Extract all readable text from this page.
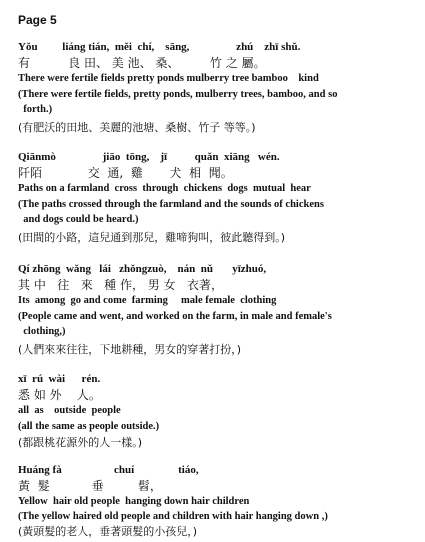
Page 5
Yǒu         liáng tián,  měi  chí,    sāng,                 zhú    zhī shǔ.
有          良 田、 美 池、 桑、        竹 之 屬。
There were fertile fields pretty ponds mulberry tree bamboo    kind
(There were fertile fields, pretty ponds, mulberry trees, bamboo, and so
forth.)
(有肥沃的田地、美麗的池塘、桑樹、竹子 等等。)
Qiānmò                 jiāo  tōng,    jī          quǎn  xiāng   wén.
阡陌            交  通,  雞       犬  相  聞。
Paths on a farmland  cross  through  chickens  dogs  mutual  hear
(The paths crossed through the farmland and the sounds of chickens
and dogs could be heard.)
(田間的小路，這兒通到那兒，雞啼狗叫，彼此聽得到。)
Qí zhōng  wǎng   lái   zhǒngzuò,    nán  nǔ       yīzhuó,
其 中   往   來   種 作， 男 女   衣著，
Its  among  go and come  farming     male female  clothing
(People came and went, and worked on the farm, in male and female's
clothing,)
(人們來來往往，下地耕種，男女的穿著打扮，)
xī  rú  wài      rén.
悉 如 外    人。
all  as    outside  people
(all the same as people outside.)
(都跟桃花源外的人一樣。)
Huáng fà                   chuí                tiáo,
黃  髮           垂         髫，
Yellow  hair old people  hanging down hair children
(The yellow haired old people and children with hair hanging down ,)
(黃頭髮的老人，垂著頭髮的小孩兒，)
